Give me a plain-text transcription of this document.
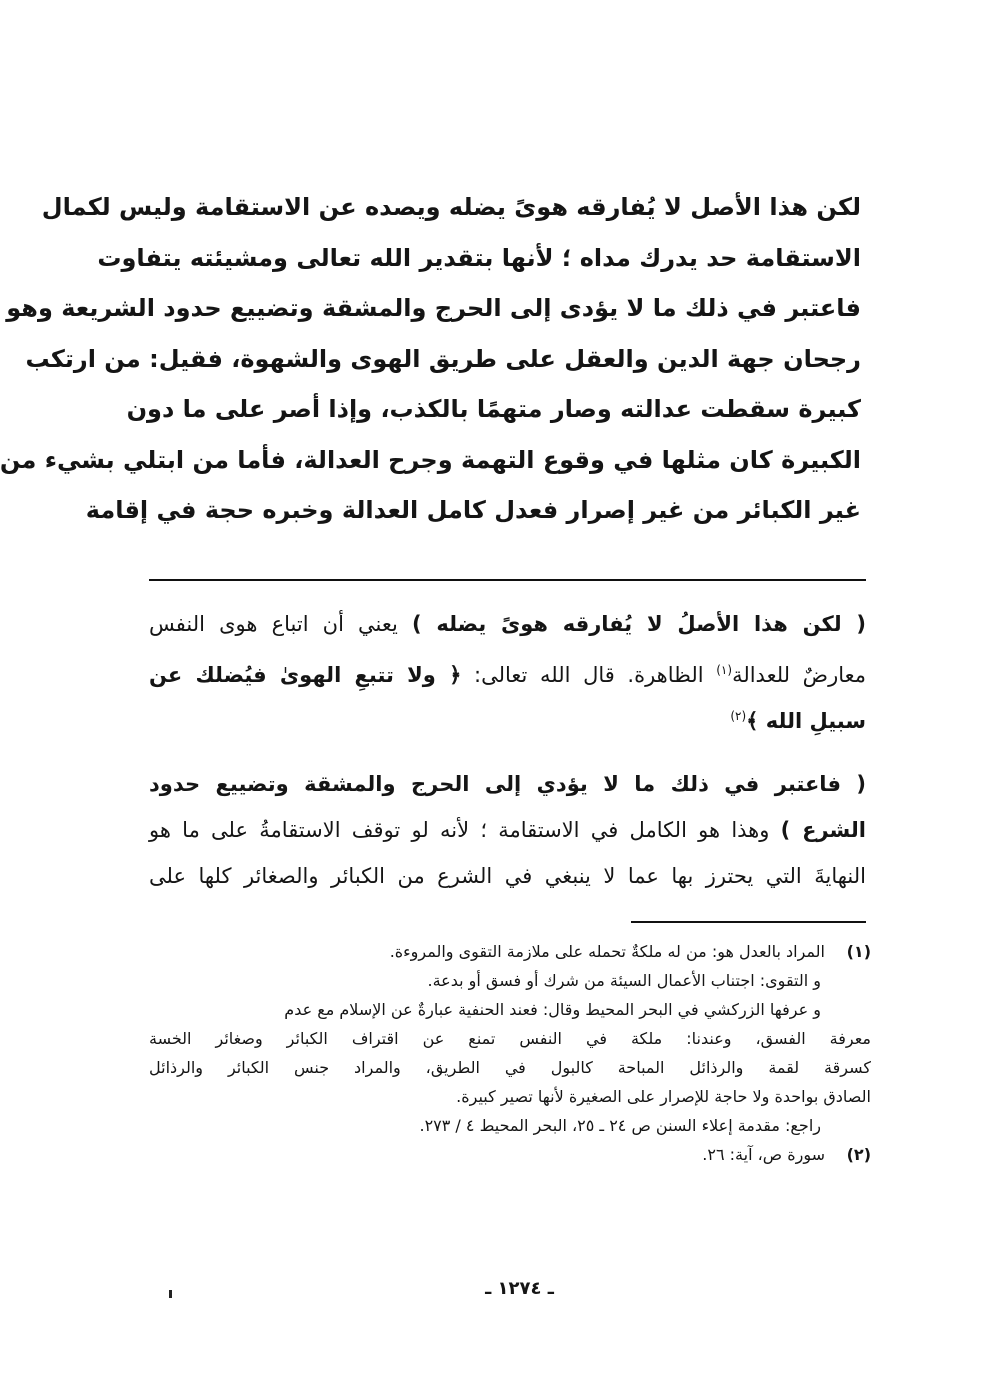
لكن هذا الأصل لا يُفارقه هوىً يضله ويصده عن الاستقامة وليس لكمال
الاستقامة حد يدرك مداه ؛ لأنها بتقدير الله تعالى ومشيئته يتفاوت
فاعتبر في ذلك ما لا يؤدى إلى الحرج والمشقة وتضييع حدود الشريعة وهو
رجحان جهة الدين والعقل على طريق الهوى والشهوة، فقيل: من ارتكب
كبيرة سقطت عدالته وصار متهمًا بالكذب، وإذا أصر على ما دون
الكبيرة كان مثلها في وقوع التهمة وجرح العدالة، فأما من ابتلي بشيء من
غير الكبائر من غير إصرار فعدل كامل العدالة وخبره حجة في إقامة
( لكن هذا الأصلُ لا يُفارقه هوىً يضله ) يعني أن اتباع هوى النفس
معارضٌ للعدالة$^{(١)}$ الظاهرة. قال الله تعالى: ﴿ ولا تتبعِ الهوىٰ فيُضلك عن
سبيلِ الله ﴾$^{(٢)}$
( فاعتبر في ذلك ما لا يؤدي إلى الحرج والمشقة وتضييع حدود
الشرع ) وهذا هو الكامل في الاستقامة ؛ لأنه لو توقف الاستقامةُ على ما هو
النهايةَ التي يحترز بها عما لا ينبغي في الشرع من الكبائر والصغائر كلها على
(١)المراد بالعدل هو: من له ملكةٌ تحمله على ملازمة التقوى والمروءة.
و التقوى: اجتناب الأعمال السيئة من شرك أو فسق أو بدعة.
و عرفها الزركشي في البحر المحيط وقال: فعند الحنفية عبارةٌ عن الإسلام مع عدم
معرفة الفسق، وعندنا: ملكة في النفس تمنع عن اقتراف الكبائر وصغائر الخسة
كسرقة لقمة والرذائل المباحة كالبول في الطريق، والمراد جنس الكبائر والرذائل
الصادق بواحدة ولا حاجة للإصرار على الصغيرة لأنها تصير كبيرة.
راجع: مقدمة إعلاء السنن ص ٢٤ ـ ٢٥، البحر المحيط ٤ / ٢٧٣.
(٢)سورة ص، آية: ٢٦.
ـ ١٢٧٤ ـ
